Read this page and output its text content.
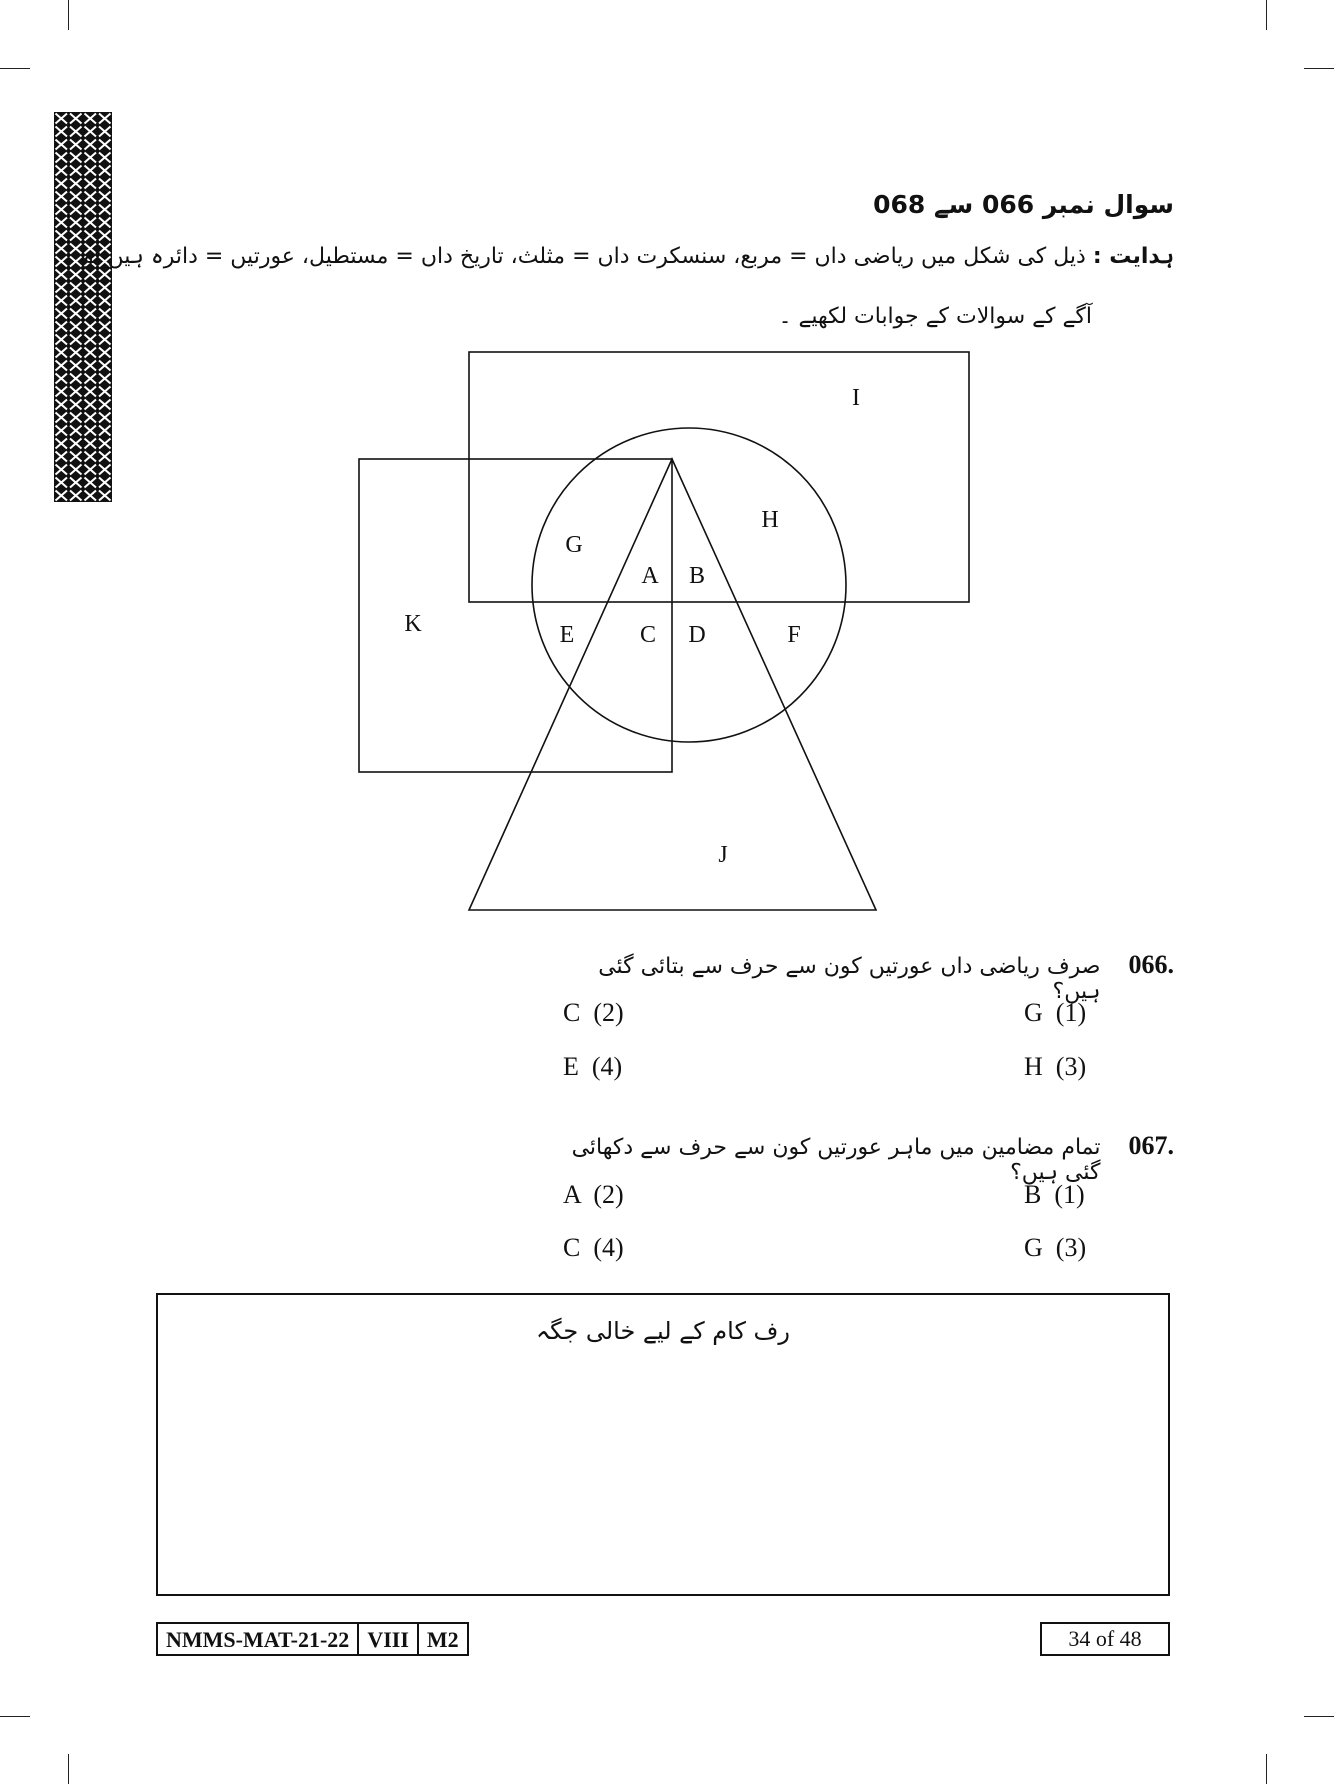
سوال نمبر 066 سے 068
ہدایت : ذیل کی شکل میں ریاضی داں = مربع، سنسکرت داں = مثلث، تاریخ داں = مستطیل، عورتیں = دائرہ ہیں تو
آگے کے سوالات کے جوابات لکھیے ۔
I
H
G
A B
K	E	C D	F
J
066.
صرف ریاضی داں عورتیں کون سے حرف سے بتائی گئی ہیں؟
G (1)
C (2)
H (3)
E (4)
067.
تمام مضامین میں ماہر عورتیں کون سے حرف سے دکھائی گئی ہیں؟
B (1)
A (2)
G (3)
C (4)
رف کام کے لیے خالی جگہ
NMMS-MAT-21-22 VIII M2	34 of 48
